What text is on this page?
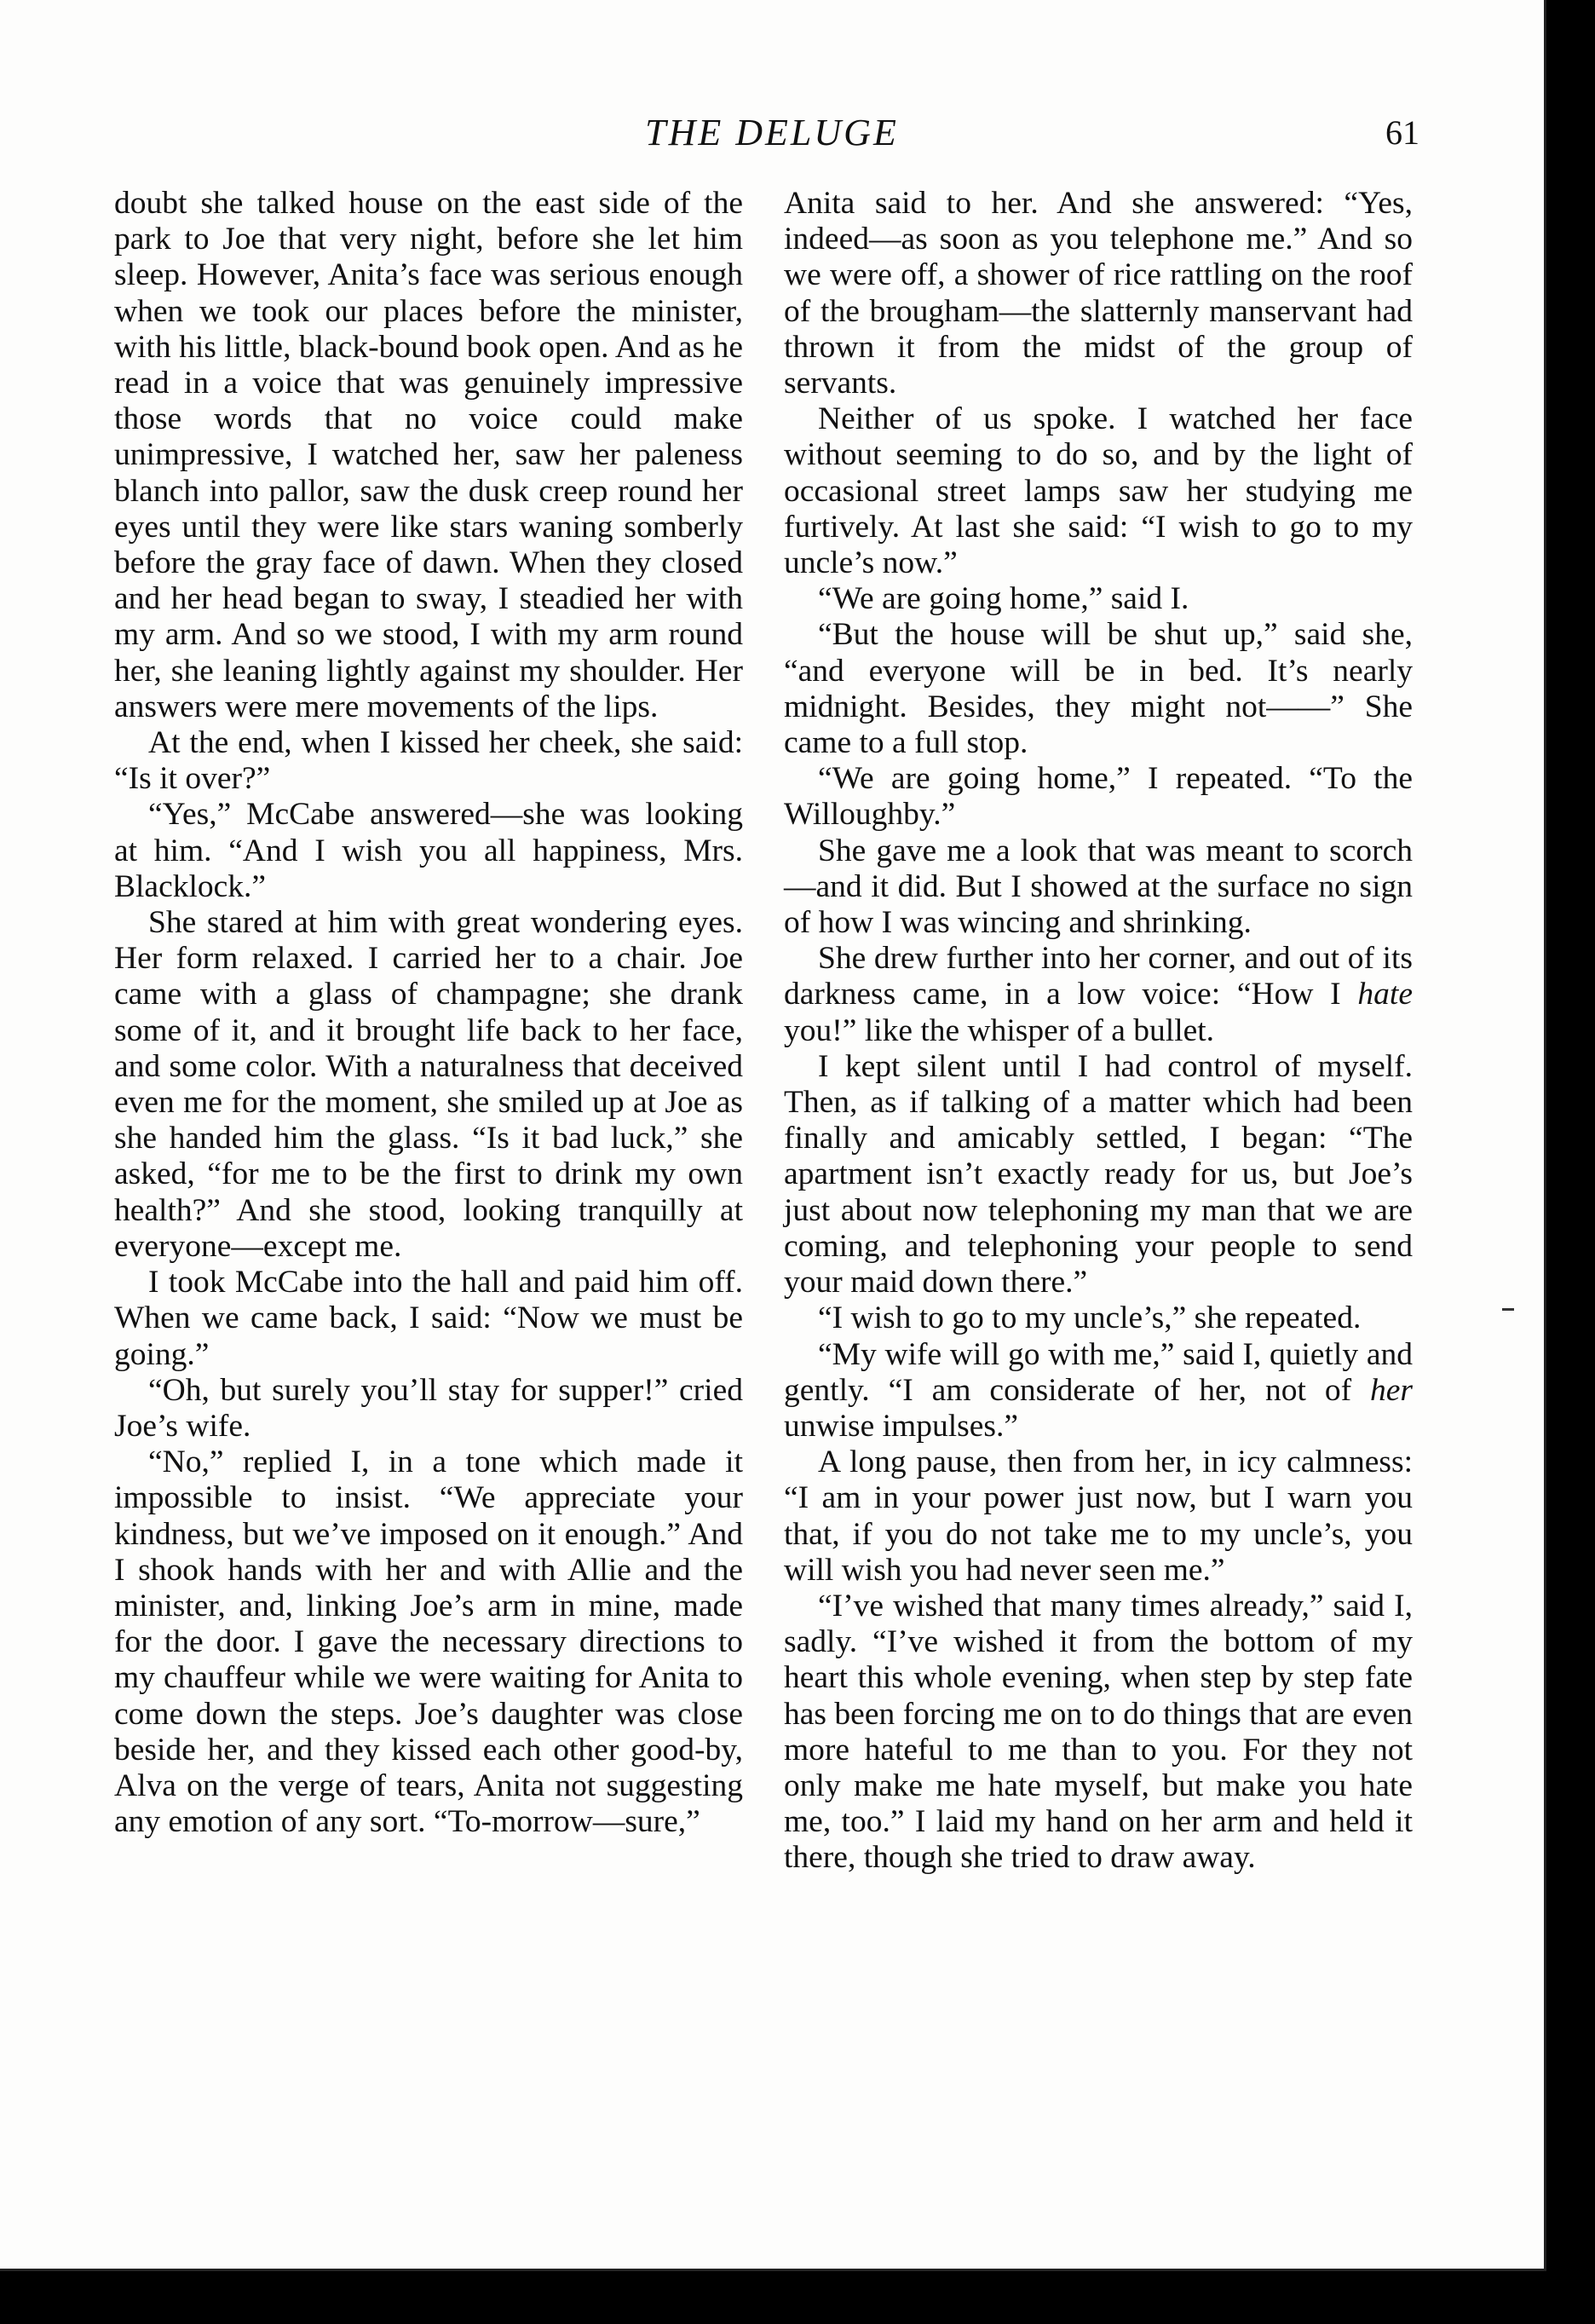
THE DELUGE	61

doubt she talked house on the east side of the park to Joe that very night, before she let him sleep. However, Anita’s face was serious enough when we took our places before the minister, with his little, black-bound book open. And as he read in a voice that was genuinely impressive those words that no voice could make unimpressive, I watched her, saw her paleness blanch into pallor, saw the dusk creep round her eyes until they were like stars waning somberly before the gray face of dawn. When they closed and her head began to sway, I steadied her with my arm. And so we stood, I with my arm round her, she leaning lightly against my shoulder. Her answers were mere movements of the lips.

At the end, when I kissed her cheek, she said: “Is it over?”

“Yes,” McCabe answered—she was looking at him. “And I wish you all happiness, Mrs. Blacklock.”

She stared at him with great wondering eyes. Her form relaxed. I carried her to a chair. Joe came with a glass of champagne; she drank some of it, and it brought life back to her face, and some color. With a naturalness that deceived even me for the moment, she smiled up at Joe as she handed him the glass. “Is it bad luck,” she asked, “for me to be the first to drink my own health?” And she stood, looking tranquilly at everyone—except me.

I took McCabe into the hall and paid him off. When we came back, I said: “Now we must be going.”

“Oh, but surely you’ll stay for supper!” cried Joe’s wife.

“No,” replied I, in a tone which made it impossible to insist. “We appreciate your kindness, but we’ve imposed on it enough.” And I shook hands with her and with Allie and the minister, and, linking Joe’s arm in mine, made for the door. I gave the necessary directions to my chauffeur while we were waiting for Anita to come down the steps. Joe’s daughter was close beside her, and they kissed each other good-by, Alva on the verge of tears, Anita not suggesting any emotion of any sort. “To-morrow—sure,”

Anita said to her. And she answered: “Yes, indeed—as soon as you telephone me.” And so we were off, a shower of rice rattling on the roof of the brougham—the slatternly manservant had thrown it from the midst of the group of servants.

Neither of us spoke. I watched her face without seeming to do so, and by the light of occasional street lamps saw her studying me furtively. At last she said: “I wish to go to my uncle’s now.”

“We are going home,” said I.

“But the house will be shut up,” said she, “and everyone will be in bed. It’s nearly midnight. Besides, they might not——” She came to a full stop.

“We are going home,” I repeated. “To the Willoughby.”

She gave me a look that was meant to scorch—and it did. But I showed at the surface no sign of how I was wincing and shrinking.

She drew further into her corner, and out of its darkness came, in a low voice: “How I hate you!” like the whisper of a bullet.

I kept silent until I had control of myself. Then, as if talking of a matter which had been finally and amicably settled, I began: “The apartment isn’t exactly ready for us, but Joe’s just about now telephoning my man that we are coming, and telephoning your people to send your maid down there.”

“I wish to go to my uncle’s,” she repeated.

“My wife will go with me,” said I, quietly and gently. “I am considerate of her, not of her unwise impulses.”

A long pause, then from her, in icy calmness: “I am in your power just now, but I warn you that, if you do not take me to my uncle’s, you will wish you had never seen me.”

“I’ve wished that many times already,” said I, sadly. “I’ve wished it from the bottom of my heart this whole evening, when step by step fate has been forcing me on to do things that are even more hateful to me than to you. For they not only make me hate myself, but make you hate me, too.” I laid my hand on her arm and held it there, though she tried to draw away.
